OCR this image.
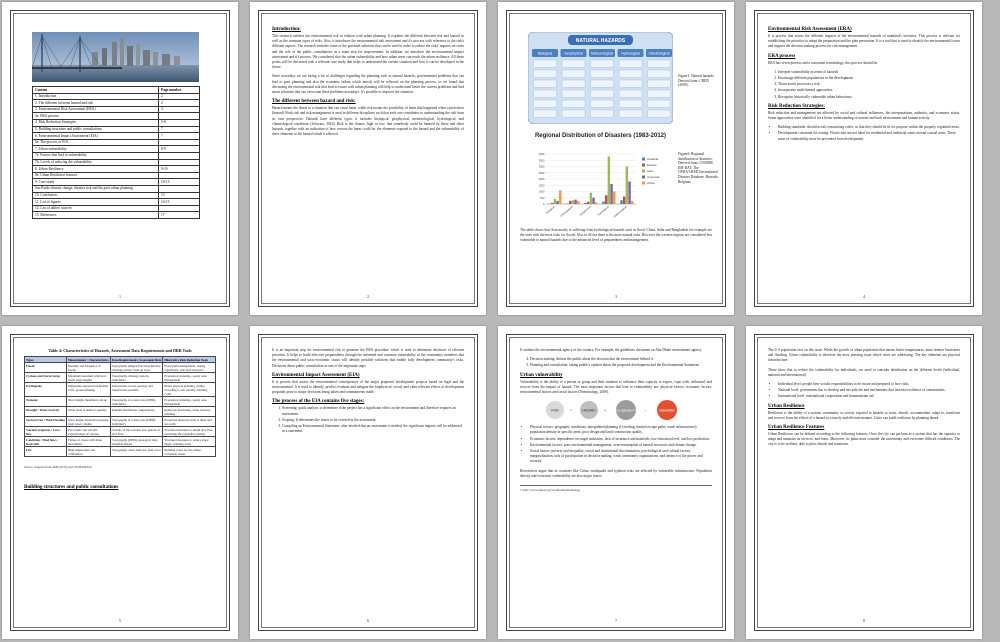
Content	Page number
1. Introduction	2
2. The different between hazard and risk	2
3. Environmental Risk Assessment (ERA)	3
3a. ERA process	
4. Risk Reduction Strategies	5-6
5. Building structures and public consultations	7
6. Environmental Impact Assessment (EIA)	7
6a. The process of EIA	
7. Urban vulnerability	8-9
7a. Factors that lead to vulnerability	
7b. Levels of reducing the vulnerability	
8. Urban Resilience	9-10
8a. Urban Resilience features	
9. Case study	10-13
Sao Paulo-climate change, disaster risk and the poor urban planning	
10. Conclusion	13
11. List of figures	14-15
12. List of tables/ sources	
13. References	17
1
Introduction:

This research outlines the environmental risk in relation with urban planning. It explains the different between risk and hazard as well as the common types of risks. Also, it introduces the environmental risk assessment and it's process with reference to the risk's different aspects. The research includes some of the potential solutions that can be used in order to reduce the risks' impacts on cities and the role of the public consultations as a main step for improvement. In addition, we introduce the environmental impact assessment and it's process. We considered also the urban vulnerability and how urban areas can reach the urban resilience. All these points will be discussed with a relevant case study that helps to understand the current situation and how it can be developed in the future.

Since nowadays we are facing a lot of challenges regarding the planning such as natural hazards, governmental problems that can lead to poor planning and also the economic failure which mostly will be reflected on the planning process, so we found that discussing the environmental risk that lead to issues with urban planning will help to understand better the current problems and find smart solutions that can overcome these problems nowadays. It's possible to improve the situation.

The different between hazard and risk:

Hazard means the threat or a situation that can cause harm, while risk means the possibility of harm that happened when a protection (hazard) Work risk and risk management is used in different disciplines such that each one contributes to understanding the risk from its own perspective. Hazards have different types, it includes biological, geophysical, meteorological, hydrological, and climatological conditions (Schwarz, 2016). Risk is the chance, high or low, that somebody could be harmed by these and other hazards, together with an indication of how serious the harm could be, the elements exposed to the hazard and the vulnerability of these elements to the hazard which it affected.

2
NATURAL HAZARDS
Biological	Geophysical Meteorological Hydrological	Climatological
Figure1: Natural hazards. Derived from: CRED (2009).
Regional Distribution of Disasters (1983-2012)
0
500
1000
1500
2000
2500
3000
3500
4000
Biological Climatological Geophysical Hydrological Meteorological
Oceania
Europe
Asia
Americas
Africa
Figure2: Regional distribution of disasters. Derived from: UNISDR EM-DAT: The OFDA/CRED International Disaster Database. Brussels, Belgium.

The table shows that Asia mostly is suffering from hydrological hazards such as flood. China, India and Bangladesh for example are the ones with the most risks for floods. Also in Africa there is the most natural risks. However the western regions are considered less vulnerable to natural hazards due to the advanced level of preparedness and management.

3
Environmental Risk Assessment (ERA)

It is process that assess the different impacts of the environmental hazards of mankind's activities. This process is relevant for establishing the priorities to adopt the preparation and the plan prevention. It is a tool that is used to identify the environmental issues and support the decision making process for risk management.

ERA process

ERA has seven process and a consistent terminology, this process should be:

1. Interpret vulnerability in terms of hazards.
2. Encourage different populations in the development.
3. Those assets processes a risk.
4. Incorporates multi-hazard approaches.
5. Recognise historically vulnerable urban behaviours.
Risk Reduction Strategies:

Risk reduction and management are affected by social and cultural influences, the interpretations, authority, and economic status. Some approaches were identified for a better understanding of natural and built environment and human activity.

• Building standards: should avoid constructing codes, so that they should be fit for purpose within the properly regulated areas.
• Development constraint for zoning: Flood risks are not ideal for residential and industrial zones around coastal areas. These areas of vulnerability must be prevented from development.
4
Table 4: Characteristics of Hazards, Assessment Data Requirements and DRR Tools
Types	Measurement / Characteristics	Data Requirements; Assessment Risk	Illustrative Risk Reduction Tools
Floods	Intensity and frequency of floods	Topography (Digital Elevation Model), drainage pattern; built up areas	Flood plain management, zoning regulations, structural measures
Cyclone and Storm Surge	Maximum sustained wind and storm surge heights	Topography, drainage pattern, bathymetry	Evacuation planning, coastal zone management
Earthquake	Magnitude expressed on Richter scale, ground shaking	Information on soil, geology and liquefaction potential	Better physical planning, zoning according to soil stability, building codes
Tsunami	Wave height, inundation run up	Topography of coastal area (DEM), bathymetry	Evacuation planning, coastal zone management
Drought / Water Scarcity	Water level of shallow aquifers	Rainfall distribution, temperatures	Rainwater harvesting, water resource planning
Sea level rise / Tidal Flooding	Wave height, horizontal pressure from water column	Topography of coastal area (DEM), bathymetry	Protection measures such as dikes and sea walls
Volcanic eruptions / Lava flow	Pyroclastic and ash fall, explosiveness of volcano	Vicinity of the volcanic site, pattern of lava flow	Structural measures to shield lava flow, restricting the population density
Landslides / Mud flows / Rock falls	Failure of slopes with mass movements	Topography (DEM), geological data, landslide hazard	Structural measures to reduce slope angle, retaining walls
Fire	High temperature and combustion	Topography, wind, land use, land cover	Building codes for fire safety, accessible routes
Source: Adapted from ADB (2016) and UN-HABITAT
Building structures and public consultations
5

It is an important step for environmental risk to generate the ERA procedure which is used to determine decisions of relevant priorities. It helps to build effective preparedness through the informed and common vulnerability of the community members that the environmental and socio-economic status will identify possible solutions that enable fully development community's risks. Decisions about public consultation as one of the important steps.

Environmental Impact Assessment (EIA)

It is process that assess the environmental consequences of the major proposed development projects based on legal and the environmental. It is used to identify, predict, evaluate and mitigate the biophysical, social, and other relevant effects of development proposals prior to major decisions being taken and commitments made.

The process of the EIA contains five stages:
1. Screening: quick analysis to determine if the project has a significant effect on the environment and therefore requires an assessment.
2. Scoping: It determines the issues to be covered in the assessment.
3. Compiling an Environmental Statement: after decided that an assessment is needed, the significant impacts will be addressed in a statement.
6

It outlines the environmental agency of the country. For example, the guidelines document on Abu Dhabi environment agency.

4. Decision making: Inform the public about the decision that the environment behind it.
5. Planning and consultation: taking public's opinion about the proposed development and the Environmental Statement.
Urban vulnerability

Vulnerability is the ability of a person or group and their situation to influence their capacity to expect, cope with, withstand, and recover from the impact of hazard. The most important factors that lead to vulnerability are: physical factors, economic factors, environmental factors and social factors (Terminology, 2009).

RISK	=	HAZARD ×	VULNERABILITY →	DISASTER
• Physical factors: geography conditions, unregulated planning (Crowding, limited escape paths, weak infrastructure); population density in specific areas, poor design and land construction quality.
• Economic factors: dependence on single industries, lack of insurance and materials, low education level, and low production.
• Environmental factors: poor environmental management, overconsumption of natural resources and climate change.
• Social factors: poverty and inequality, social and institutional discrimination, psychological and cultural factors, marginalization, lack of participation in decision making, weak community organisations, and absence of the power and security.

Researchers argue that in countries like China, earthquake and typhoon risks are affected by vulnerable infrastructure. Population density and economic vulnerability are also major issues.

1 https://www.unisdr.org/we/inform/terminology
7

The U.S population face on this issue. While the growth of urban population that means hotter temperatures, more intense hurricanes and flooding. Urban vulnerability is therefore the most pressing issue which cities are addressing. The key elements are physical infrastructure.

These show that to reduce the vulnerability for individuals, we need to consider distribution on the different levels (individual, national and international).

• Individual level: people have to take responsibilities to be aware and prepared to face risks.
• National level: government has to develop and use policies and mechanisms that increase resilience of communities.
• International level: international cooperation and humanitarian aid.
Urban Resilience

Resilience is the ability of a system, community or society exposed to hazards to resist, absorb, accommodate, adapt to, transform and recover from the effects of a hazard in a timely and efficient manner. Cities can build resilience by planning ahead.

Urban Resilience Features

Urban Resilience can be defined according to the following features: Once the city can perform as a system that has the capacity to adapt and maintain its services, and learn. Moreover, its plans must consider the uncertainty and overcome difficult conditions. The city is to be resilient, able to plan, absorb and transform.

8
